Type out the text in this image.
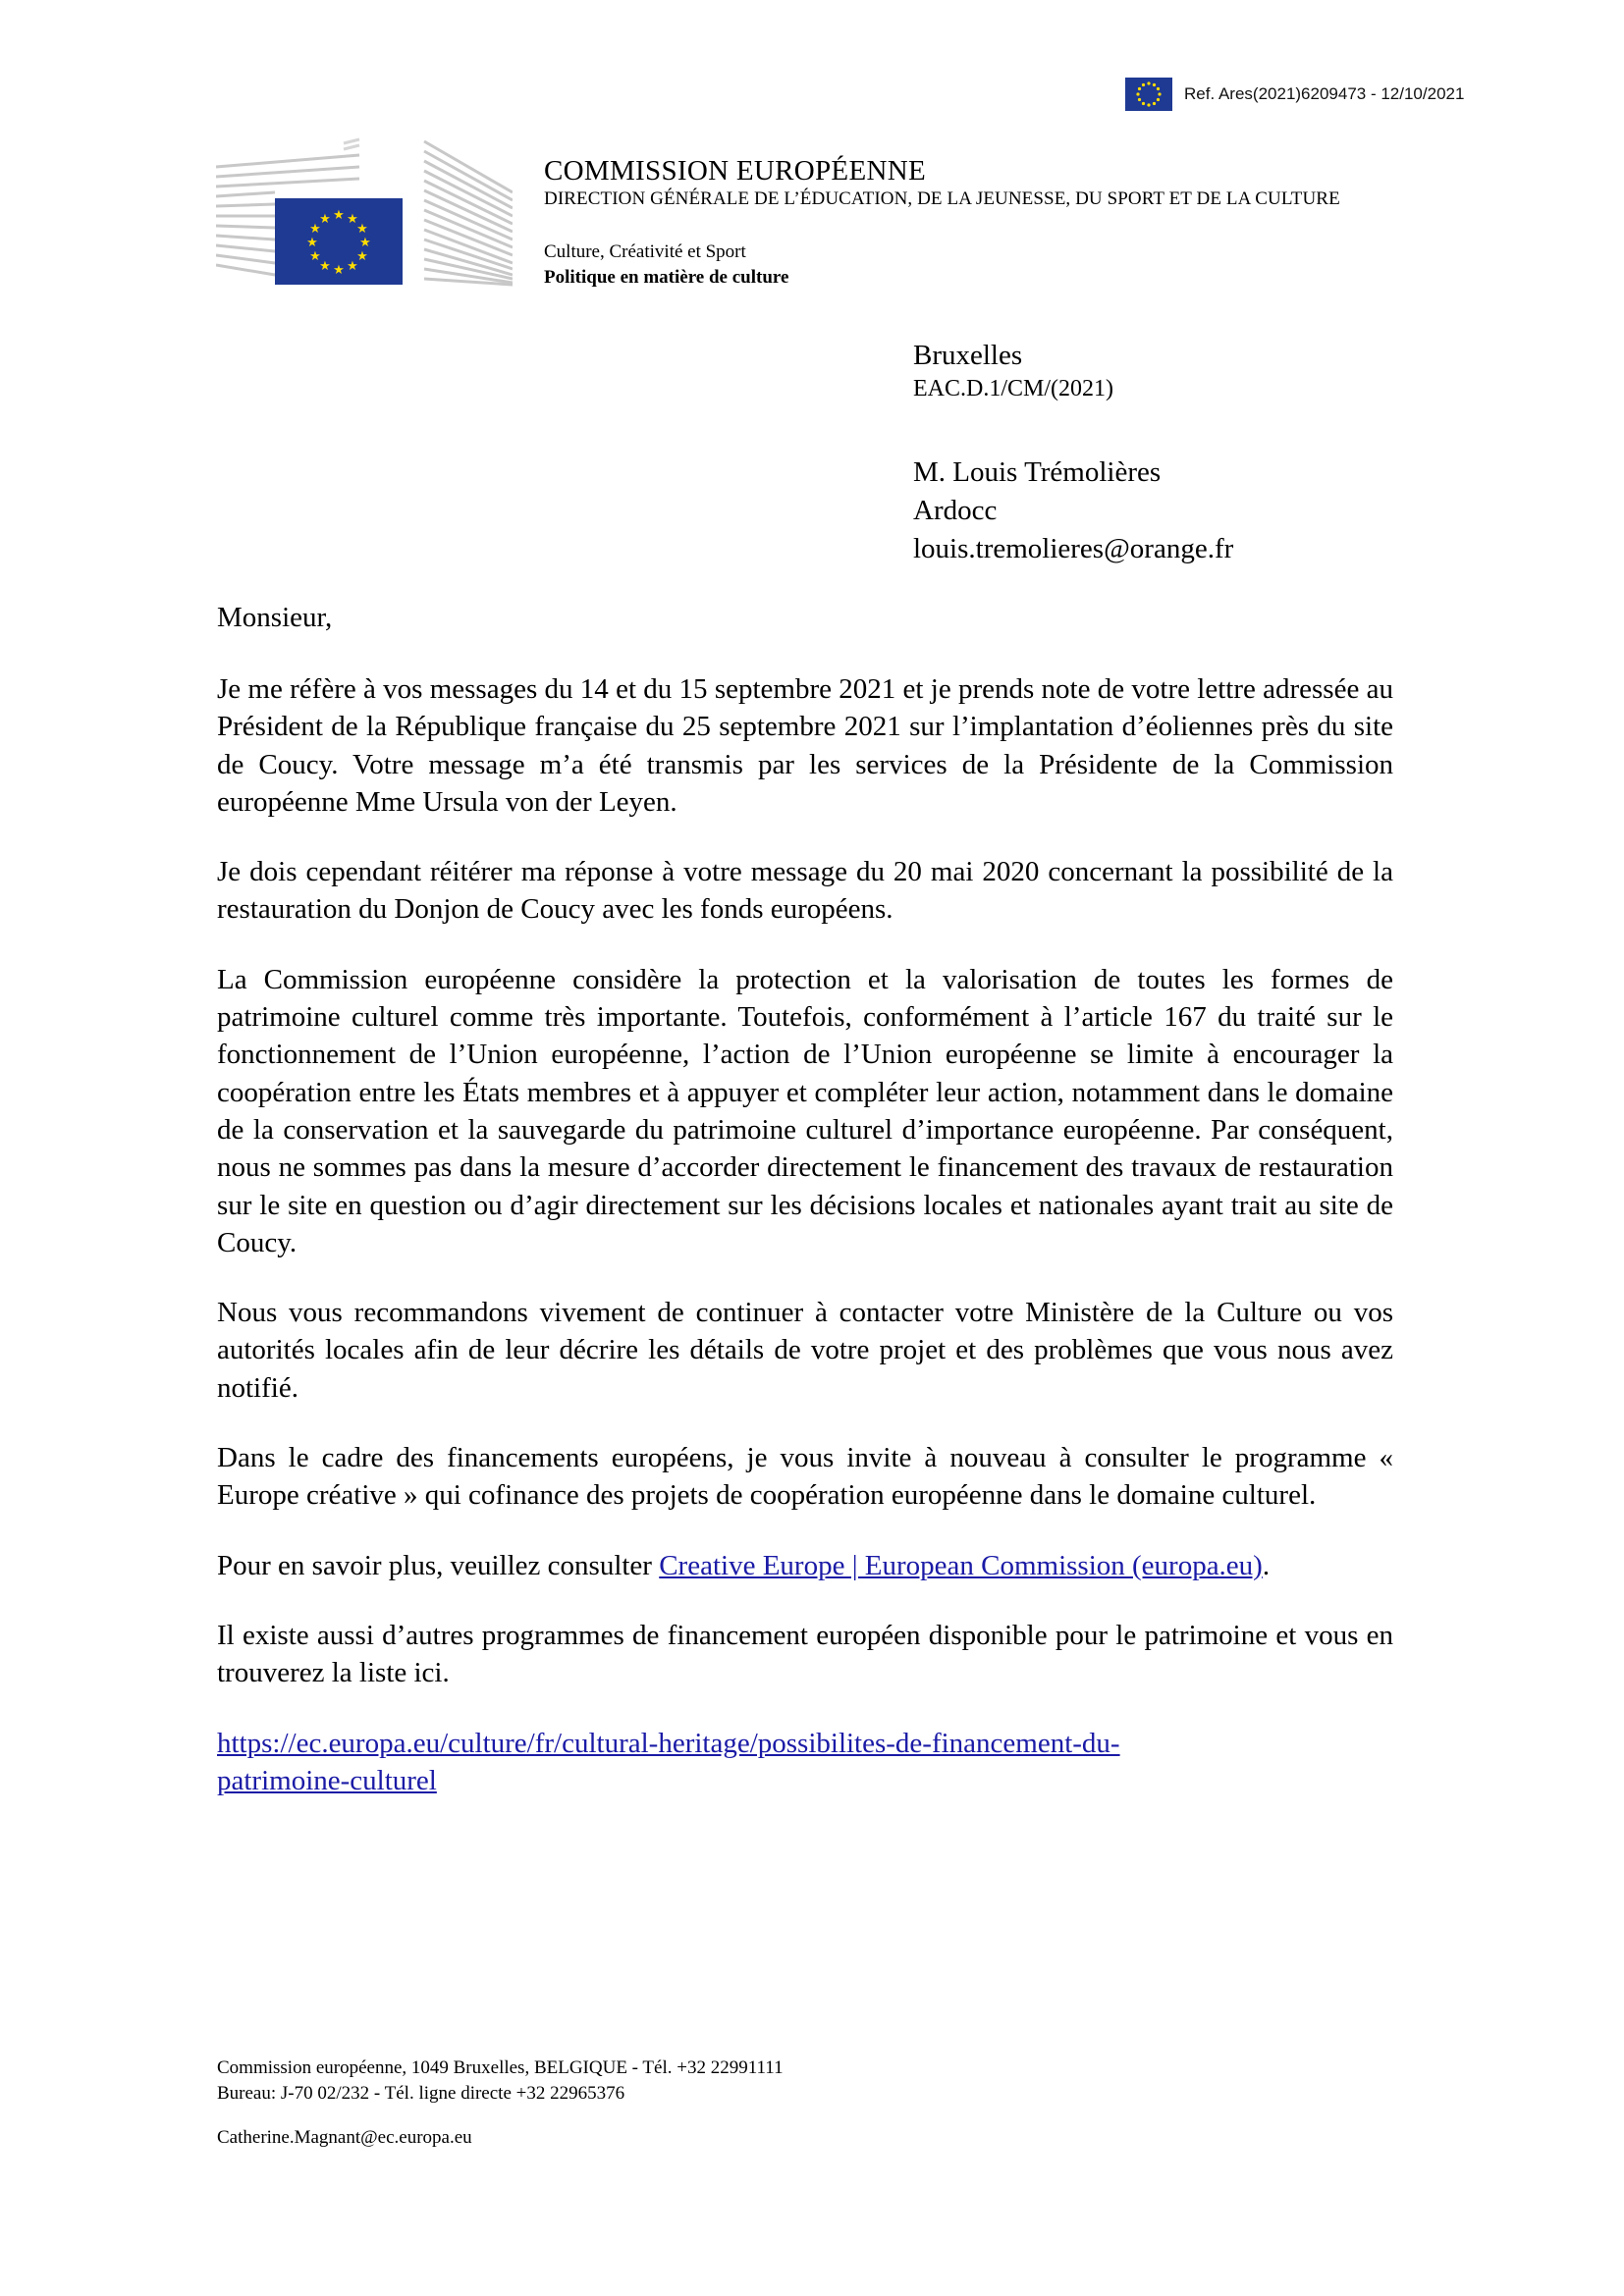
Ref. Ares(2021)6209473 - 12/10/2021
★ ★
★
★
★
★
★
★
★
★
★
★
COMMISSION EUROPÉENNE
DIRECTION GÉNÉRALE DE L’ÉDUCATION, DE LA JEUNESSE, DU SPORT ET DE LA CULTURE
Culture, Créativité et Sport
Politique en matière de culture
Bruxelles
EAC.D.1/CM/(2021)
M. Louis Trémolières
Ardocc
louis.tremolieres@orange.fr
Monsieur,

Je me réfère à vos messages du 14 et du 15 septembre 2021 et je prends note de votre lettre adressée au Président de la République française du 25 septembre 2021 sur l’implantation d’éoliennes près du site de Coucy. Votre message m’a été transmis par les services de la Présidente de la Commission européenne Mme Ursula von der Leyen.

Je dois cependant réitérer ma réponse à votre message du 20 mai 2020 concernant la possibilité de la restauration du Donjon de Coucy avec les fonds européens.

La Commission européenne considère la protection et la valorisation de toutes les formes de patrimoine culturel comme très importante. Toutefois, conformément à l’article 167 du traité sur le fonctionnement de l’Union européenne, l’action de l’Union européenne se limite à encourager la coopération entre les États membres et à appuyer et compléter leur action, notamment dans le domaine de la conservation et la sauvegarde du patrimoine culturel d’importance européenne. Par conséquent, nous ne sommes pas dans la mesure d’accorder directement le financement des travaux de restauration sur le site en question ou d’agir directement sur les décisions locales et nationales ayant trait au site de Coucy.

Nous vous recommandons vivement de continuer à contacter votre Ministère de la Culture ou vos autorités locales afin de leur décrire les détails de votre projet et des problèmes que vous nous avez notifié.

Dans le cadre des financements européens, je vous invite à nouveau à consulter le programme « Europe créative » qui cofinance des projets de coopération européenne dans le domaine culturel.

Pour en savoir plus, veuillez consulter Creative Europe | European Commission (europa.eu).

Il existe aussi d’autres programmes de financement européen disponible pour le patrimoine et vous en trouverez la liste ici.

https://ec.europa.eu/culture/fr/cultural-heritage/possibilites-de-financement-du-
patrimoine-culturel

Commission européenne, 1049 Bruxelles, BELGIQUE - Tél. +32 22991111
Bureau: J-70 02/232 - Tél. ligne directe +32 22965376
Catherine.Magnant@ec.europa.eu
